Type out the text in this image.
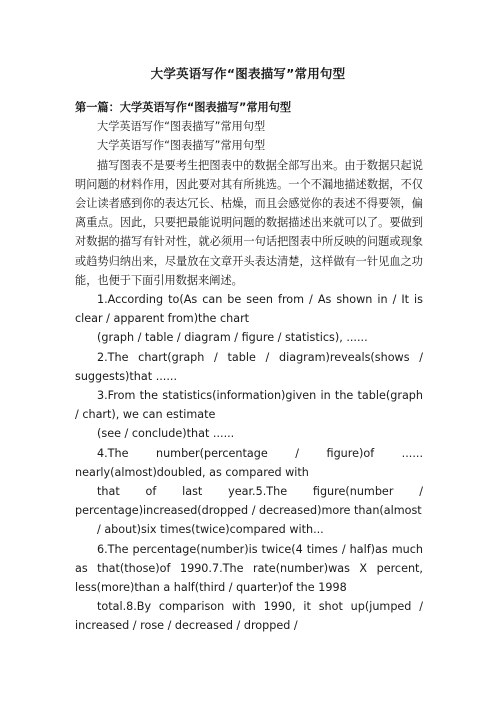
大学英语写作“图表描写”常用句型
第一篇：大学英语写作“图表描写”常用句型
大学英语写作“图表描写”常用句型
大学英语写作“图表描写”常用句型
描写图表不是要考生把图表中的数据全部写出来。由于数据只起说明问题的材料作用，因此要对其有所挑选。一个不漏地描述数据，不仅会让读者感到你的表达冗长、枯燥，而且会感觉你的表述不得要领，偏离重点。因此，只要把最能说明问题的数据描述出来就可以了。要做到对数据的描写有针对性，就必须用一句话把图表中所反映的问题或现象或趋势归纳出来，尽量放在文章开头表达清楚，这样做有一针见血之功能，也便于下面引用数据来阐述。
1.According to(As can be seen from / As shown in / It is clear / apparent from)the chart
(graph / table / diagram / figure / statistics), ......
2.The chart(graph / table / diagram)reveals(shows / suggests)that ......
3.From the statistics(information)given in the table(graph / chart), we can estimate
(see / conclude)that ......
4.The number(percentage / figure)of ...... nearly(almost)doubled, as compared with
that of last year.5.The figure(number / percentage)increased(dropped / decreased)more than(almost
/ about)six times(twice)compared with...
6.The percentage(number)is twice(4 times / half)as much as that(those)of 1990.7.The rate(number)was X percent, less(more)than a half(third / quarter)of the 1998
total.8.By comparison with 1990, it shot up(jumped / increased / rose / decreased / dropped /
